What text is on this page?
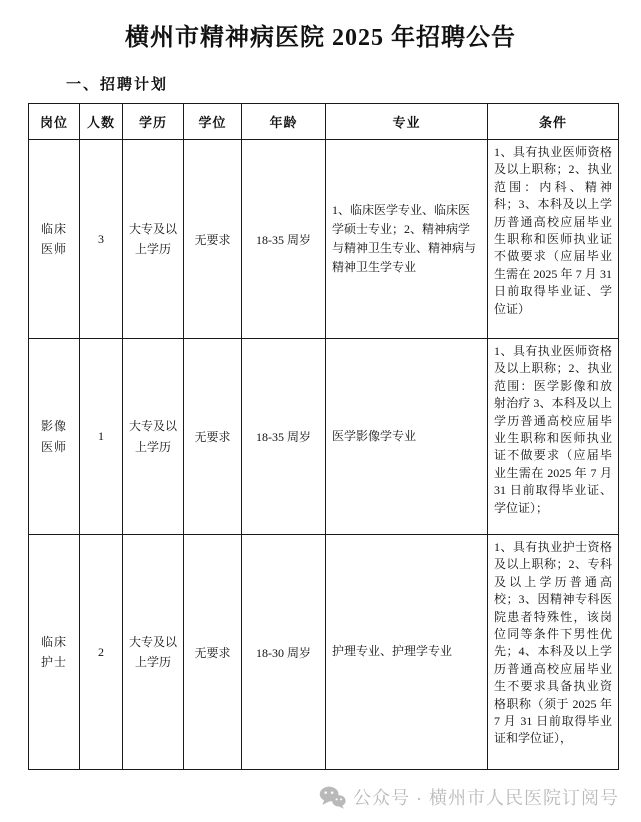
横州市精神病医院 2025 年招聘公告
一、招聘计划
岗位	人数	学历	学位	年龄	专业	条件
临床医师	3	大专及以上学历	无要求	18-35 周岁	1、临床医学专业、临床医学硕士专业；2、精神病学与精神卫生专业、精神病与精神卫生学专业	1、具有执业医师资格及以上职称；2、执业范围：内科、精神科；3、本科及以上学历普通高校应届毕业生职称和医师执业证不做要求（应届毕业生需在 2025 年 7 月 31 日前取得毕业证、学位证）
影像医师	1	大专及以上学历	无要求	18-35 周岁	医学影像学专业	1、具有执业医师资格及以上职称；2、执业范围：医学影像和放射治疗 3、本科及以上学历普通高校应届毕业生职称和医师执业证不做要求（应届毕业生需在 2025 年 7 月 31 日前取得毕业证、学位证）；
临床护士	2	大专及以上学历	无要求	18-30 周岁	护理专业、护理学专业	1、具有执业护士资格及以上职称；2、专科及以上学历普通高校；3、因精神专科医院患者特殊性，该岗位同等条件下男性优先；4、本科及以上学历普通高校应届毕业生不要求具备执业资格职称（须于 2025 年 7 月 31 日前取得毕业证和学位证），
公众号 · 横州市人民医院订阅号
